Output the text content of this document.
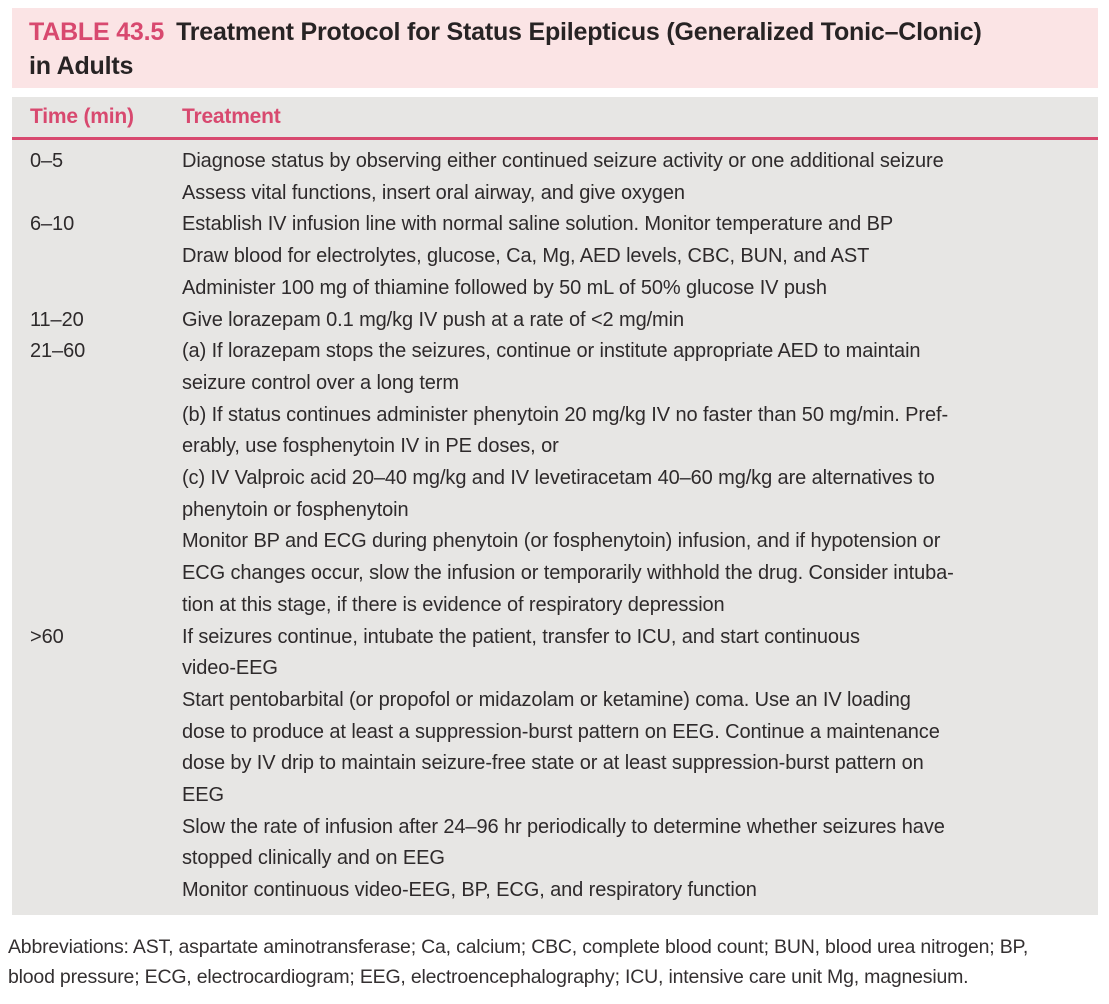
TABLE 43.5 Treatment Protocol for Status Epilepticus (Generalized Tonic–Clonic)
in Adults
Time (min)	Treatment
0–5	Diagnose status by observing either continued seizure activity or one additional seizure
Assess vital functions, insert oral airway, and give oxygen
6–10	Establish IV infusion line with normal saline solution. Monitor temperature and BP
Draw blood for electrolytes, glucose, Ca, Mg, AED levels, CBC, BUN, and AST
Administer 100 mg of thiamine followed by 50 mL of 50% glucose IV push
11–20	Give lorazepam 0.1 mg/kg IV push at a rate of <2 mg/min
21–60	(a) If lorazepam stops the seizures, continue or institute appropriate AED to maintain
seizure control over a long term
(b) If status continues administer phenytoin 20 mg/kg IV no faster than 50 mg/min. Pref-
erably, use fosphenytoin IV in PE doses, or
(c) IV Valproic acid 20–40 mg/kg and IV levetiracetam 40–60 mg/kg are alternatives to
phenytoin or fosphenytoin
Monitor BP and ECG during phenytoin (or fosphenytoin) infusion, and if hypotension or
ECG changes occur, slow the infusion or temporarily withhold the drug. Consider intuba-
tion at this stage, if there is evidence of respiratory depression
>60	If seizures continue, intubate the patient, transfer to ICU, and start continuous
video-EEG
Start pentobarbital (or propofol or midazolam or ketamine) coma. Use an IV loading
dose to produce at least a suppression-burst pattern on EEG. Continue a maintenance
dose by IV drip to maintain seizure-free state or at least suppression-burst pattern on
EEG
Slow the rate of infusion after 24–96 hr periodically to determine whether seizures have
stopped clinically and on EEG
Monitor continuous video-EEG, BP, ECG, and respiratory function
Abbreviations: AST, aspartate aminotransferase; Ca, calcium; CBC, complete blood count; BUN, blood urea nitrogen; BP,
blood pressure; ECG, electrocardiogram; EEG, electroencephalography; ICU, intensive care unit Mg, magnesium.
